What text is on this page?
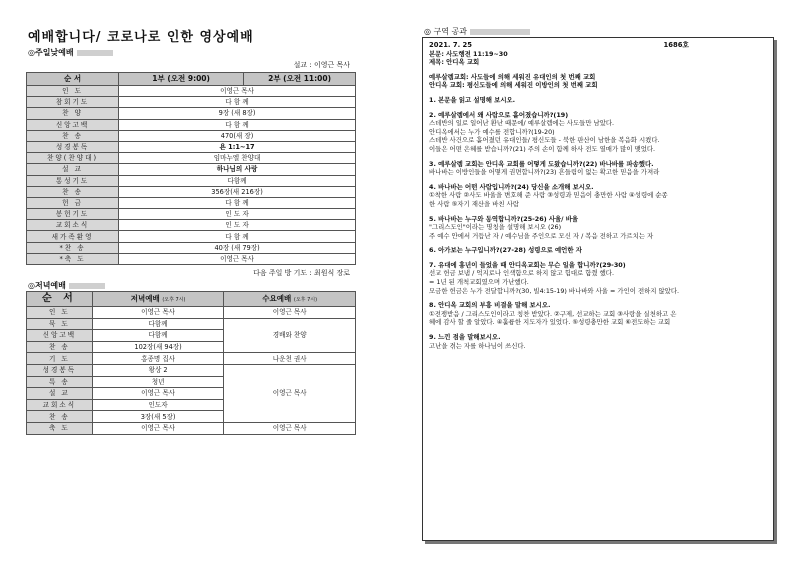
예배합니다/ 코로나로 인한 영상예배
◎주일낮예배
설교 : 이영근 목사
순 서	1부 (오전 9:00)	2부 (오전 11:00)
인 도	이영근 목사	
참회기도	다 함 께	
찬 양	9장 (새 8장)	
신앙고백	다 함 께	
찬 송	470(새 장)	
성경봉독	욘 1:1~17	
찬양(찬양대)	임마누엘 찬양대	
설 교	하나님의 사랑	
통성기도	다함께	
찬 송	356장(새 216장)	
헌 금	다 함 께	
봉헌기도	인 도 자	
교회소식	인 도 자	
새가족환영	다 함 께	
*찬 송	40장 (새 79장)	
*축 도	이영근 목사	
다음 주일 방 기도 : 최원식 장로
◎저녁예배
순 서	저녁예배 (오후 7시)	수요예배 (오후 7시)
인 도	이영근 목사	이영근 목사
묵 도	다함께	경배와 찬양
신앙고백	다함께	
찬 송	102장(새 94장)	
기 도	홍종명 집사	나운천 권사
성경봉독	왕상 2	이영근 목사
특 송	청년	
설 교	이영근 목사	
교회소식	인도자	
찬 송	3장(새 5장)	
축 도	이영근 목사	이영근 목사
◎ 구역 공과
2021. 7. 25	1686호

본문: 사도행전 11:19~30

제목: 안디옥 교회

예루살렘교회: 사도들에 의해 세워진 유대인의 첫 번째 교회

안디옥 교회: 평신도들에 의해 세워진 이방인의 첫 번째 교회

1. 본문을 읽고 설명해 보시오.

2. 예루살렘에서 왜 사람으로 흩어졌습니까?(19)

스데반의 일로 일어난 환난 때문에/ 예루살렘에는 사도들만 남았다.

안디옥에서는 누가 예수를 전합니까?(19-20)

스데반 사건으로 흩어졌던 유대인들/ 평신도들 - 북한 판산이 남한을 복음화 시켰다.

이들은 어떤 은혜를 받습니까?(21) 주의 손이 함께 하사 전도 열매가 많이 맺었다.

3. 예루살렘 교회는 안디옥 교회를 어떻게 도왔습니까?(22) 바나바를 파송했다.

바나바는 이방인들을 어떻게 권면합니까?(23) 흔들림이 없는 확고한 믿음을 가져라

4. 바나바는 어떤 사람입니까?(24) 당신을 소개해 보시오.

①착한 사람 ②사도 바울을 변호해 준 사람 ③성령과 믿음이 충만한 사람 ④성령에 순종

한 사람 ⑤자기 재산을 바친 사람

5. 바나바는 누구와 동역합니까?(25-26) 사울/ 바울

"그리스도인"이라는 명칭을 설명해 보시오 (26)

주 예수 안에서 거듭난 자 / 예수님을 주인으로 모신 자 / 복음 전하고 가르치는 자

6. 아가보는 누구입니까?(27-28) 성령으로 예언한 자

7. 유대에 흉년이 들었을 때 안디옥교회는 무슨 일을 합니까?(29-30)

선교 헌금 보냄 / 억지로나 인색함으로 하지 않고 힘대로 함꼈 했다.

= 1년 된 개척교회였으며 가난했다.

모금한 헌금은 누가 전달합니까?(30, 빌4:15-19) 바나바와 사울 = 가인이 전하지 않았다.

8. 안디옥 교회의 부흥 비결을 말해 보시오.

①전쟁받음 / 그리스도인이라고 칭찬 받았다. ②구제, 선교하는 교회 ③사랑을 실천하고 은

혜에 감사 할 줄 알았다. ④훌륭한 지도자가 있었다. ⑤성령충만한 교회 ⑥전도하는 교회

9. 느낀 점을 말해보시오.

고난을 겪는 자를 하나님이 쓰신다.
